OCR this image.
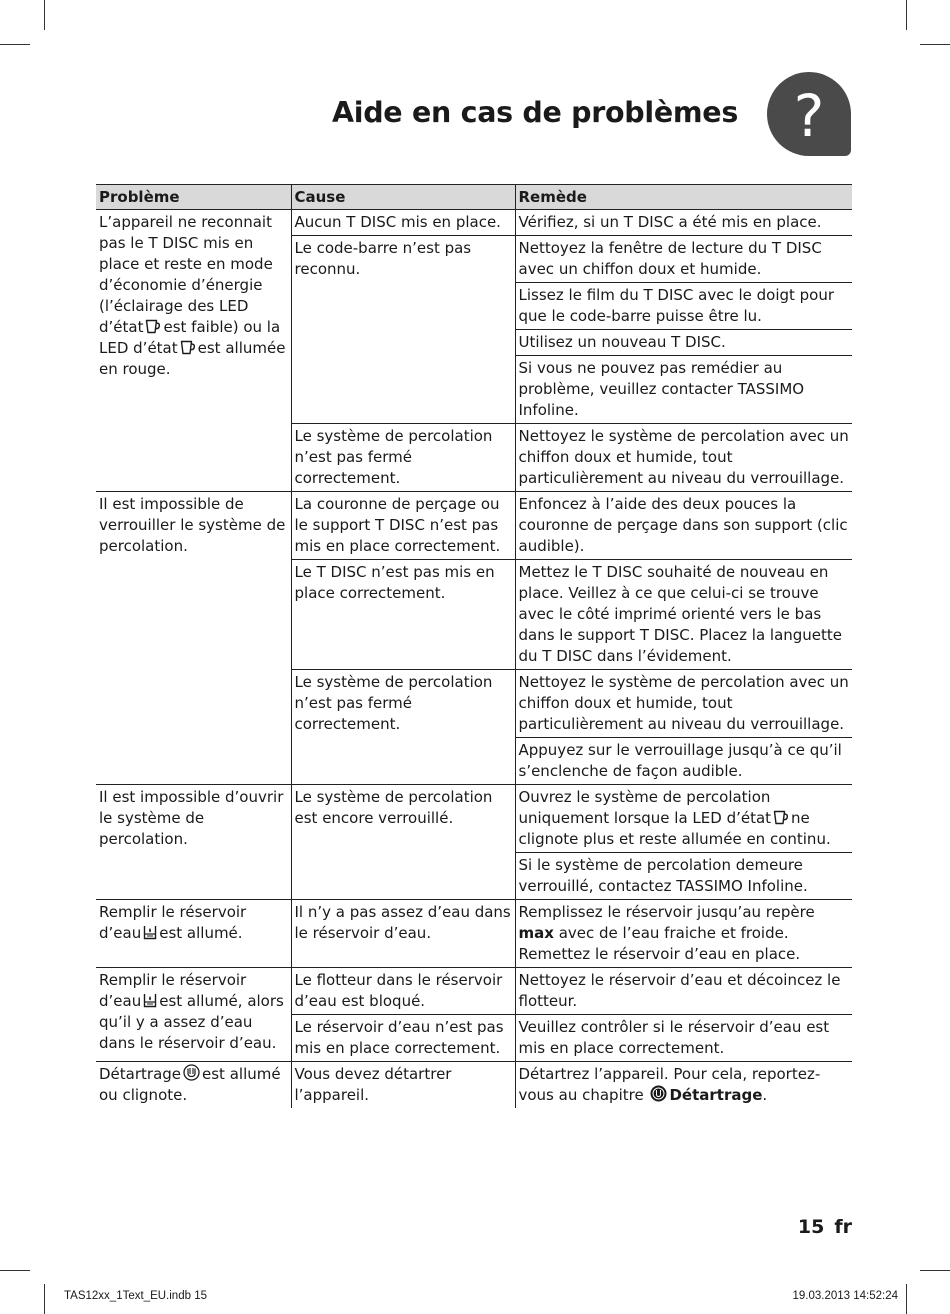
Aide en cas de problèmes ?
Problème	Cause	Remède
L’appareil ne reconnait pas le T DISC mis en place et reste en mode d’économie d’énergie (l’éclairage des LED d’état est faible) ou la LED d’état est allumée en rouge.	Aucun T DISC mis en place.	Vérifiez, si un T DISC a été mis en place.
	Le code-barre n’est pas reconnu.	Nettoyez la fenêtre de lecture du T DISC avec un chiffon doux et humide.
		Lissez le film du T DISC avec le doigt pour que le code-barre puisse être lu.
		Utilisez un nouveau T DISC.
		Si vous ne pouvez pas remédier au problème, veuillez contacter TASSIMO Infoline.
	Le système de percolation n’est pas fermé correctement.	Nettoyez le système de percolation avec un chiffon doux et humide, tout particulièrement au niveau du verrouillage.
Il est impossible de verrouiller le système de percolation.	La couronne de perçage ou le support T DISC n’est pas mis en place correctement.	Enfoncez à l’aide des deux pouces la couronne de perçage dans son support (clic audible).
	Le T DISC n’est pas mis en place correctement.	Mettez le T DISC souhaité de nouveau en place. Veillez à ce que celui-ci se trouve avec le côté imprimé orienté vers le bas dans le support T DISC. Placez la languette du T DISC dans l’évidement.
	Le système de percolation n’est pas fermé correctement.	Nettoyez le système de percolation avec un chiffon doux et humide, tout particulièrement au niveau du verrouillage.
		Appuyez sur le verrouillage jusqu’à ce qu’il s’enclenche de façon audible.
Il est impossible d’ouvrir le système de percolation.	Le système de percolation est encore verrouillé.	Ouvrez le système de percolation uniquement lorsque la LED d’état ne clignote plus et reste allumée en continu.
		Si le système de percolation demeure verrouillé, contactez TASSIMO Infoline.
Remplir le réservoir d’eau est allumé.	Il n’y a pas assez d’eau dans le réservoir d’eau.	Remplissez le réservoir jusqu’au repère max avec de l’eau fraiche et froide. Remettez le réservoir d’eau en place.
Remplir le réservoir d’eau est allumé, alors qu’il y a assez d’eau dans le réservoir d’eau.	Le flotteur dans le réservoir d’eau est bloqué.	Nettoyez le réservoir d’eau et décoincez le flotteur.
	Le réservoir d’eau n’est pas mis en place correctement.	Veuillez contrôler si le réservoir d’eau est mis en place correctement.
Détartrage est allumé ou clignote.	Vous devez détartrer l’appareil.	Détartrez l’appareil. Pour cela, reportez-vous au chapitre Détartrage.
15 fr
TAS12xx_1Text_EU.indb 15	19.03.2013 14:52:24
